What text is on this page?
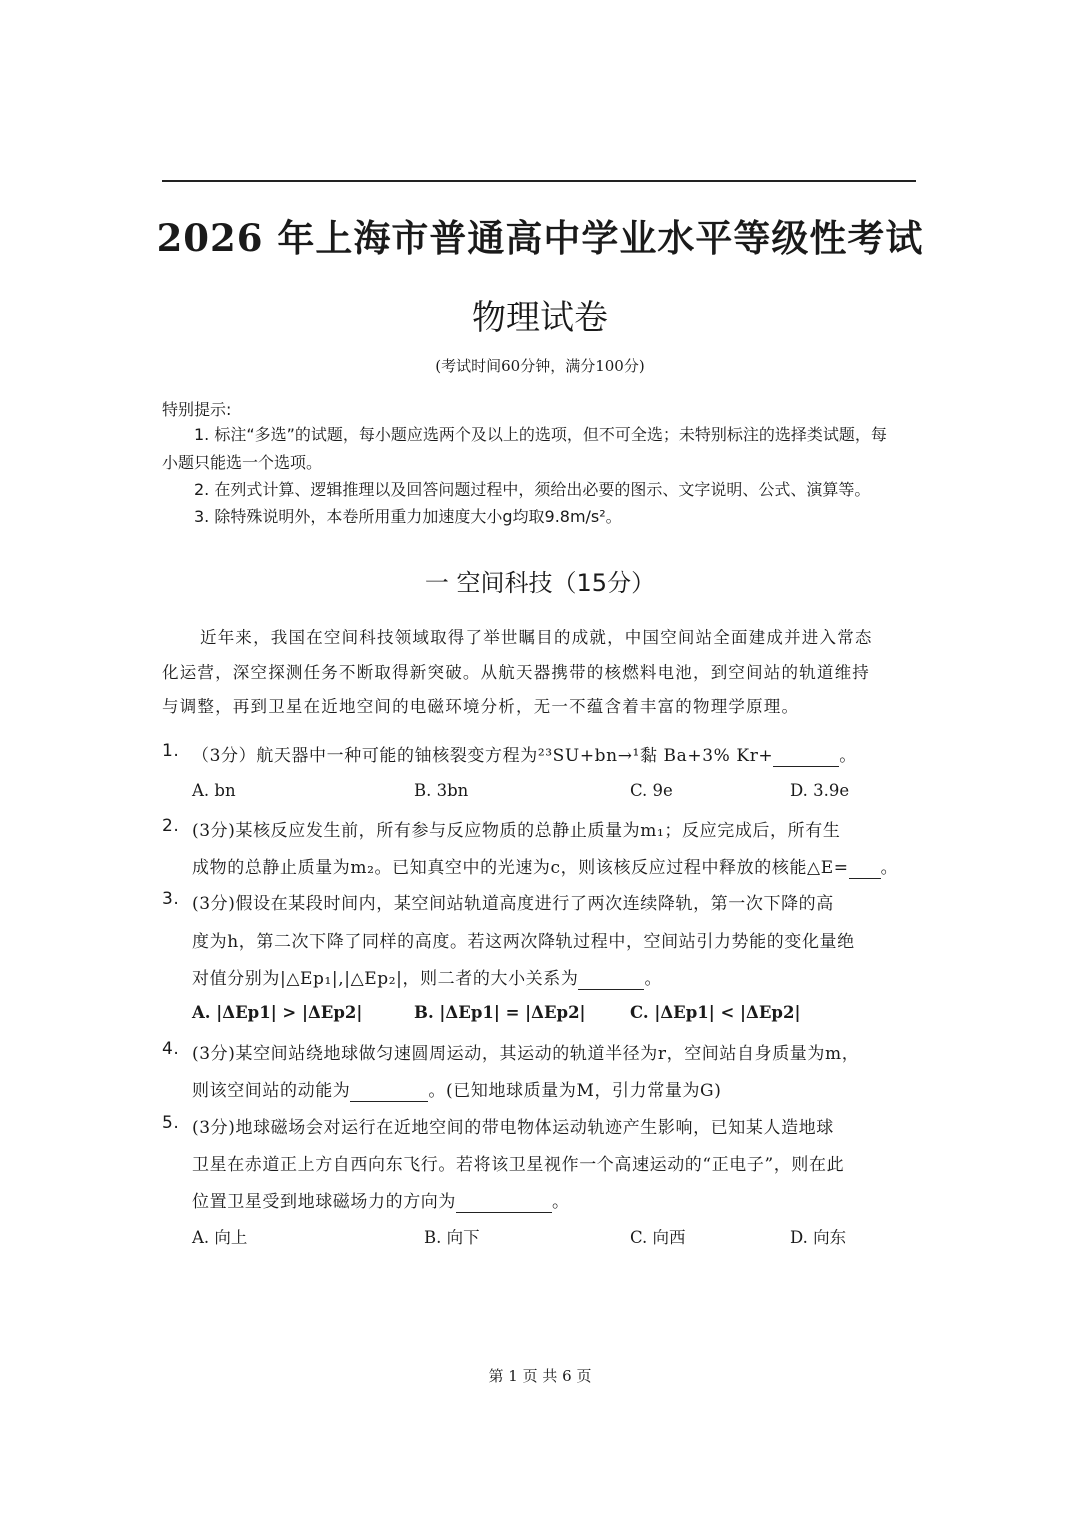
2026 年上海市普通高中学业水平等级性考试
物理试卷
(考试时间60分钟，满分100分)
特别提示:
1. 标注“多选”的试题，每小题应选两个及以上的选项，但不可全选；未特别标注的选择类试题，每
小题只能选一个选项。
2. 在列式计算、逻辑推理以及回答问题过程中，须给出必要的图示、文字说明、公式、演算等。
3. 除特殊说明外，本卷所用重力加速度大小g均取9.8m/s²。
一 空间科技（15分）
近年来，我国在空间科技领域取得了举世瞩目的成就，中国空间站全面建成并进入常态
化运营，深空探测任务不断取得新突破。从航天器携带的核燃料电池，到空间站的轨道维持
与调整，再到卫星在近地空间的电磁环境分析，无一不蕴含着丰富的物理学原理。
1. （3分）航天器中一种可能的铀核裂变方程为²³SU+bn→¹黏 Ba+3% Kr+	。
A. bn	B. 3bn	C. 9e	D. 3.9e
2. (3分)某核反应发生前，所有参与反应物质的总静止质量为m₁；反应完成后，所有生
成物的总静止质量为m₂。已知真空中的光速为c，则该核反应过程中释放的核能△E= 。
3. (3分)假设在某段时间内，某空间站轨道高度进行了两次连续降轨，第一次下降的高
度为h，第二次下降了同样的高度。若这两次降轨过程中，空间站引力势能的变化量绝
对值分别为|△Ep₁|,|△Ep₂|，则二者的大小关系为	。
A. |ΔEp1| > |ΔEp2|	B. |ΔEp1| = |ΔEp2|	C. |ΔEp1| < |ΔEp2|
4. (3分)某空间站绕地球做匀速圆周运动，其运动的轨道半径为r，空间站自身质量为m，
则该空间站的动能为	。(已知地球质量为M，引力常量为G)
5. (3分)地球磁场会对运行在近地空间的带电物体运动轨迹产生影响，已知某人造地球
卫星在赤道正上方自西向东飞行。若将该卫星视作一个高速运动的“正电子”，则在此
位置卫星受到地球磁场力的方向为	。
A. 向上	B. 向下	C. 向西	D. 向东
第 1 页 共 6 页
